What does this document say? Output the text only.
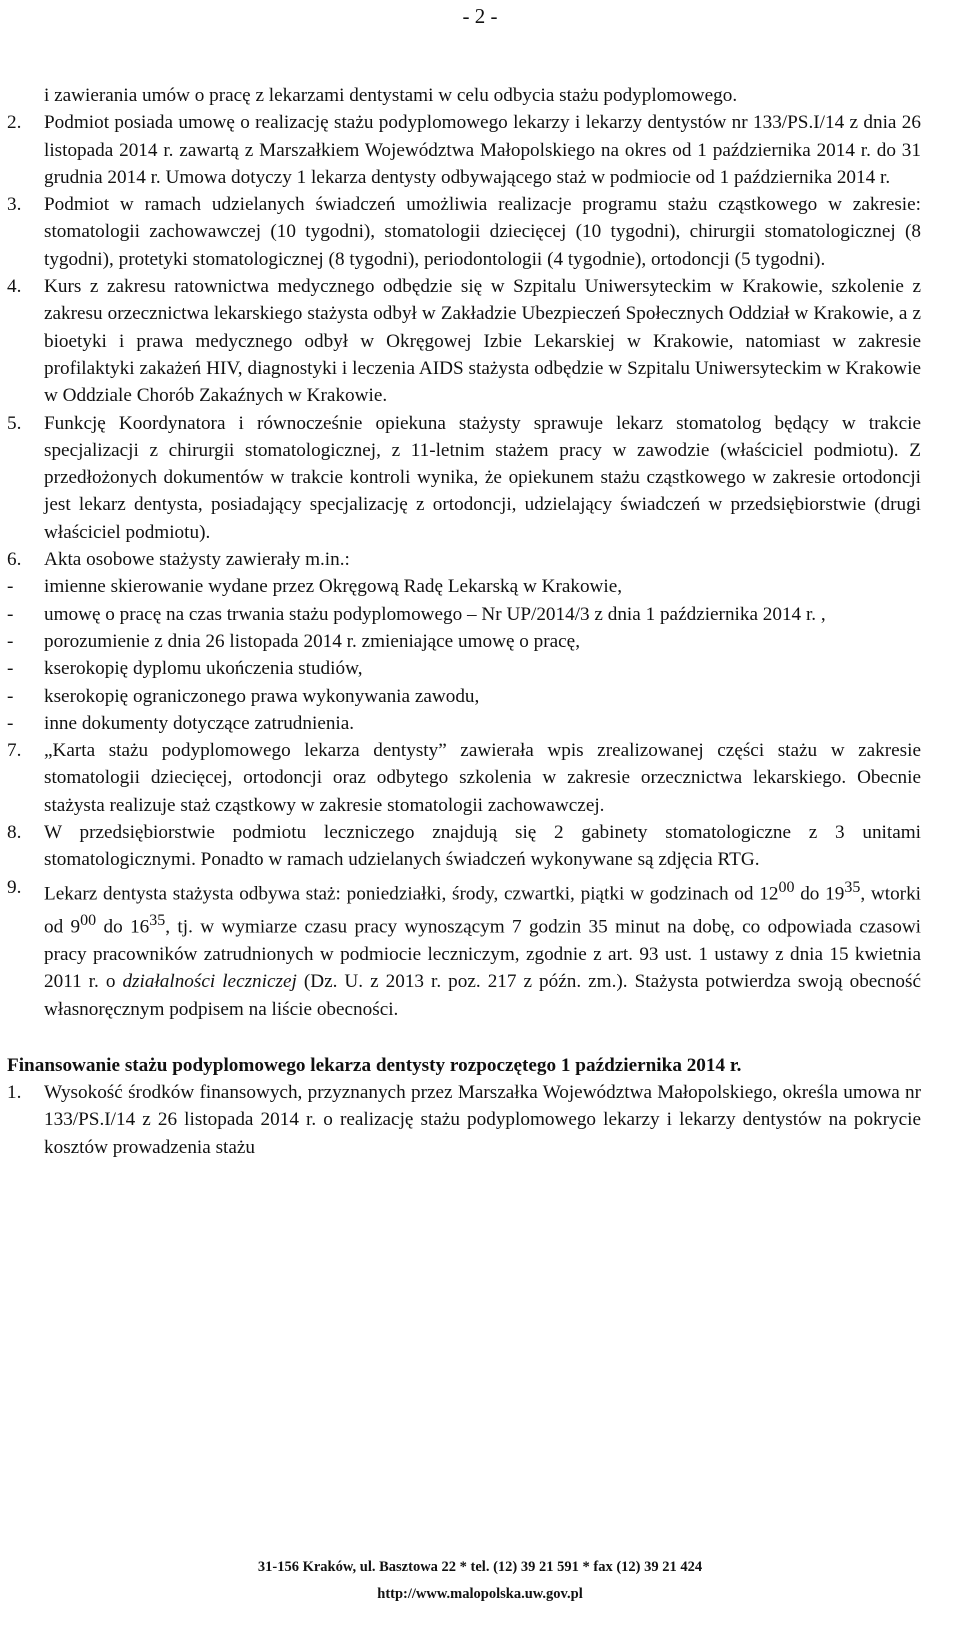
- 2 -
i zawierania umów o pracę z lekarzami dentystami w celu odbycia stażu podyplomowego.
2.	Podmiot posiada umowę o realizację stażu podyplomowego lekarzy i lekarzy dentystów nr 133/PS.I/14 z dnia 26 listopada 2014 r. zawartą z Marszałkiem Województwa Małopolskiego na okres od 1 października 2014 r. do 31 grudnia 2014 r. Umowa dotyczy 1 lekarza dentysty odbywającego staż w podmiocie od 1 października 2014 r.
3.	Podmiot w ramach udzielanych świadczeń umożliwia realizacje programu stażu cząstkowego w zakresie: stomatologii zachowawczej (10 tygodni), stomatologii dziecięcej (10 tygodni), chirurgii stomatologicznej (8 tygodni), protetyki stomatologicznej (8 tygodni), periodontologii (4 tygodnie), ortodoncji (5 tygodni).
4.	Kurs z zakresu ratownictwa medycznego odbędzie się w Szpitalu Uniwersyteckim w Krakowie, szkolenie z zakresu orzecznictwa lekarskiego stażysta odbył w Zakładzie Ubezpieczeń Społecznych Oddział w Krakowie, a z bioetyki i prawa medycznego odbył w Okręgowej Izbie Lekarskiej w Krakowie, natomiast w zakresie profilaktyki zakażeń HIV, diagnostyki i leczenia AIDS stażysta odbędzie w Szpitalu Uniwersyteckim w Krakowie w Oddziale Chorób Zakaźnych w Krakowie.
5.	Funkcję Koordynatora i równocześnie opiekuna stażysty sprawuje lekarz stomatolog będący w trakcie specjalizacji z chirurgii stomatologicznej, z 11-letnim stażem pracy w zawodzie (właściciel podmiotu). Z przedłożonych dokumentów w trakcie kontroli wynika, że opiekunem stażu cząstkowego w zakresie ortodoncji jest lekarz dentysta, posiadający specjalizację z ortodoncji, udzielający świadczeń w przedsiębiorstwie (drugi właściciel podmiotu).
6.	Akta osobowe stażysty zawierały m.in.:
-	imienne skierowanie wydane przez Okręgową Radę Lekarską w Krakowie,
-	umowę o pracę na czas trwania stażu podyplomowego – Nr UP/2014/3 z dnia 1 października 2014 r. ,
-	porozumienie z dnia 26 listopada 2014 r. zmieniające umowę o pracę,
-	kserokopię dyplomu ukończenia studiów,
-	kserokopię ograniczonego prawa wykonywania zawodu,
-	inne dokumenty dotyczące zatrudnienia.
7.	„Karta stażu podyplomowego lekarza dentysty” zawierała wpis zrealizowanej części stażu w zakresie stomatologii dziecięcej, ortodoncji oraz odbytego szkolenia w zakresie orzecznictwa lekarskiego. Obecnie stażysta realizuje staż cząstkowy w zakresie stomatologii zachowawczej.
8.	W przedsiębiorstwie podmiotu leczniczego znajdują się 2 gabinety stomatologiczne z 3 unitami stomatologicznymi. Ponadto w ramach udzielanych świadczeń wykonywane są zdjęcia RTG.
9.	Lekarz dentysta stażysta odbywa staż: poniedziałki, środy, czwartki, piątki w godzinach od $12^{00}$ do $19^{35}$, wtorki od $9^{00}$ do $16^{35}$, tj. w wymiarze czasu pracy wynoszącym 7 godzin 35 minut na dobę, co odpowiada czasowi pracy pracowników zatrudnionych w podmiocie leczniczym, zgodnie z art. 93 ust. 1 ustawy z dnia 15 kwietnia 2011 r. o działalności leczniczej (Dz. U. z 2013 r. poz. 217 z późn. zm.). Stażysta potwierdza swoją obecność własnoręcznym podpisem na liście obecności.
Finansowanie stażu podyplomowego lekarza dentysty rozpoczętego 1 października 2014 r.
1.	Wysokość środków finansowych, przyznanych przez Marszałka Województwa Małopolskiego, określa umowa nr 133/PS.I/14 z 26 listopada 2014 r. o realizację stażu podyplomowego lekarzy i lekarzy dentystów na pokrycie kosztów prowadzenia stażu
31-156 Kraków, ul. Basztowa 22 * tel. (12) 39 21 591 * fax (12) 39 21 424
http://www.malopolska.uw.gov.pl
